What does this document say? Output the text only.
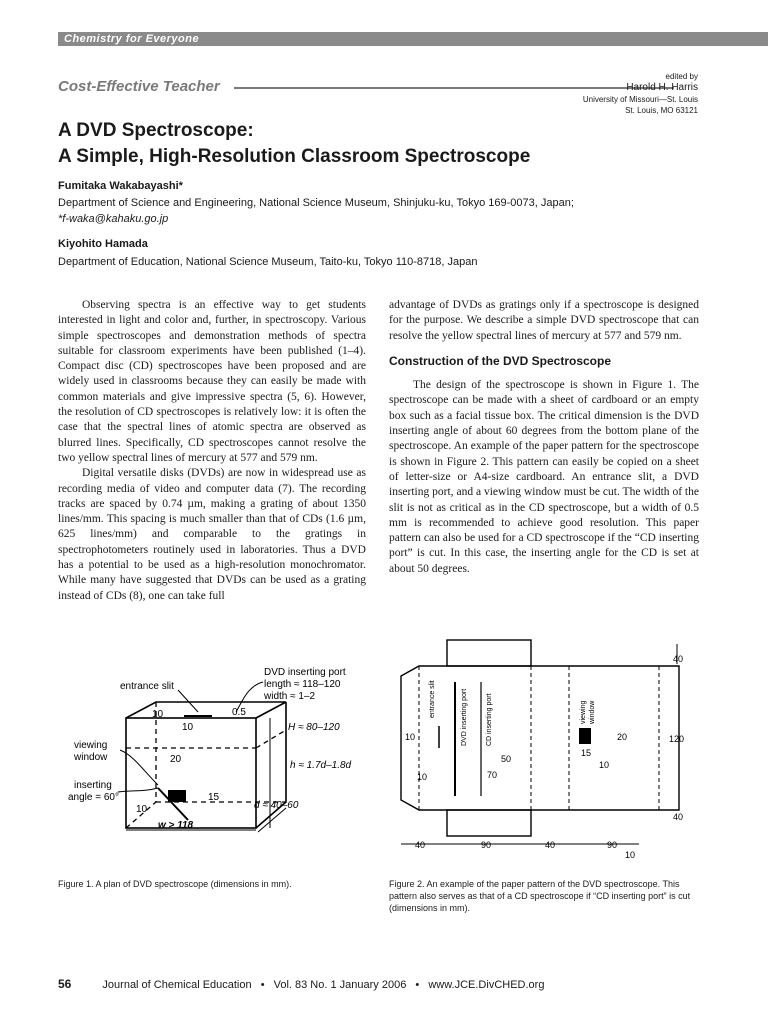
Chemistry for Everyone
Cost-Effective Teacher
edited by
Harold H. Harris
University of Missouri—St. Louis
St. Louis, MO 63121
A DVD Spectroscope:
A Simple, High-Resolution Classroom Spectroscope
Fumitaka Wakabayashi*
Department of Science and Engineering, National Science Museum, Shinjuku-ku, Tokyo 169-0073, Japan;
*f-waka@kahaku.go.jp
Kiyohito Hamada
Department of Education, National Science Museum, Taito-ku, Tokyo 110-8718, Japan

Observing spectra is an effective way to get students interested in light and color and, further, in spectroscopy. Various simple spectroscopes and demonstration methods of spectra suitable for classroom experiments have been published (1–4). Compact disc (CD) spectroscopes have been proposed and are widely used in classrooms because they can easily be made with common materials and give impressive spectra (5, 6). However, the resolution of CD spectroscopes is relatively low: it is often the case that the spectral lines of atomic spectra are observed as blurred lines. Specifically, CD spectroscopes cannot resolve the two yellow spectral lines of mercury at 577 and 579 nm.

Digital versatile disks (DVDs) are now in widespread use as recording media of video and computer data (7). The recording tracks are spaced by 0.74 µm, making a grating of about 1350 lines/mm. This spacing is much smaller than that of CDs (1.6 µm, 625 lines/mm) and comparable to the gratings in spectrophotometers routinely used in laboratories. Thus a DVD has a potential to be used as a high-resolution monochromator. While many have suggested that DVDs can be used as a grating instead of CDs (8), one can take full

advantage of DVDs as gratings only if a spectroscope is designed for the purpose. We describe a simple DVD spectroscope that can resolve the yellow spectral lines of mercury at 577 and 579 nm.

Construction of the DVD Spectroscope

The design of the spectroscope is shown in Figure 1. The spectroscope can be made with a sheet of cardboard or an empty box such as a facial tissue box. The critical dimension is the DVD inserting angle of about 60 degrees from the bottom plane of the spectroscope. An example of the paper pattern for the spectroscope is shown in Figure 2. This pattern can easily be copied on a sheet of letter-size or A4-size cardboard. An entrance slit, a DVD inserting port, and a viewing window must be cut. The width of the slit is not as critical as in the CD spectroscope, but a width of 0.5 mm is recommended to achieve good resolution. This paper pattern can also be used for a CD spectroscope if the “CD inserting port” is cut. In this case, the inserting angle for the CD is set at about 50 degrees.

entrance slit
DVD inserting port
length ≈ 118–120
width ≈ 1–2
viewing
window
inserting
angle = 60°
H ≈ 80–120
h ≈ 1.7d–1.8d
d ≈ 40–60
w > 118
10
10
0.5
20
15
10
Figure 1. A plan of DVD spectroscope (dimensions in mm).
entrance slit	DVD inserting port	CD inserting port	viewing window
40
120
40
40	90	40	90
10
10
10
50
70
20
15
10
Figure 2. An example of the paper pattern of the DVD spectroscope. This pattern also serves as that of a CD spectroscope if “CD inserting port” is cut (dimensions in mm).
56	Journal of Chemical Education • Vol. 83 No. 1 January 2006 • www.JCE.DivCHED.org
